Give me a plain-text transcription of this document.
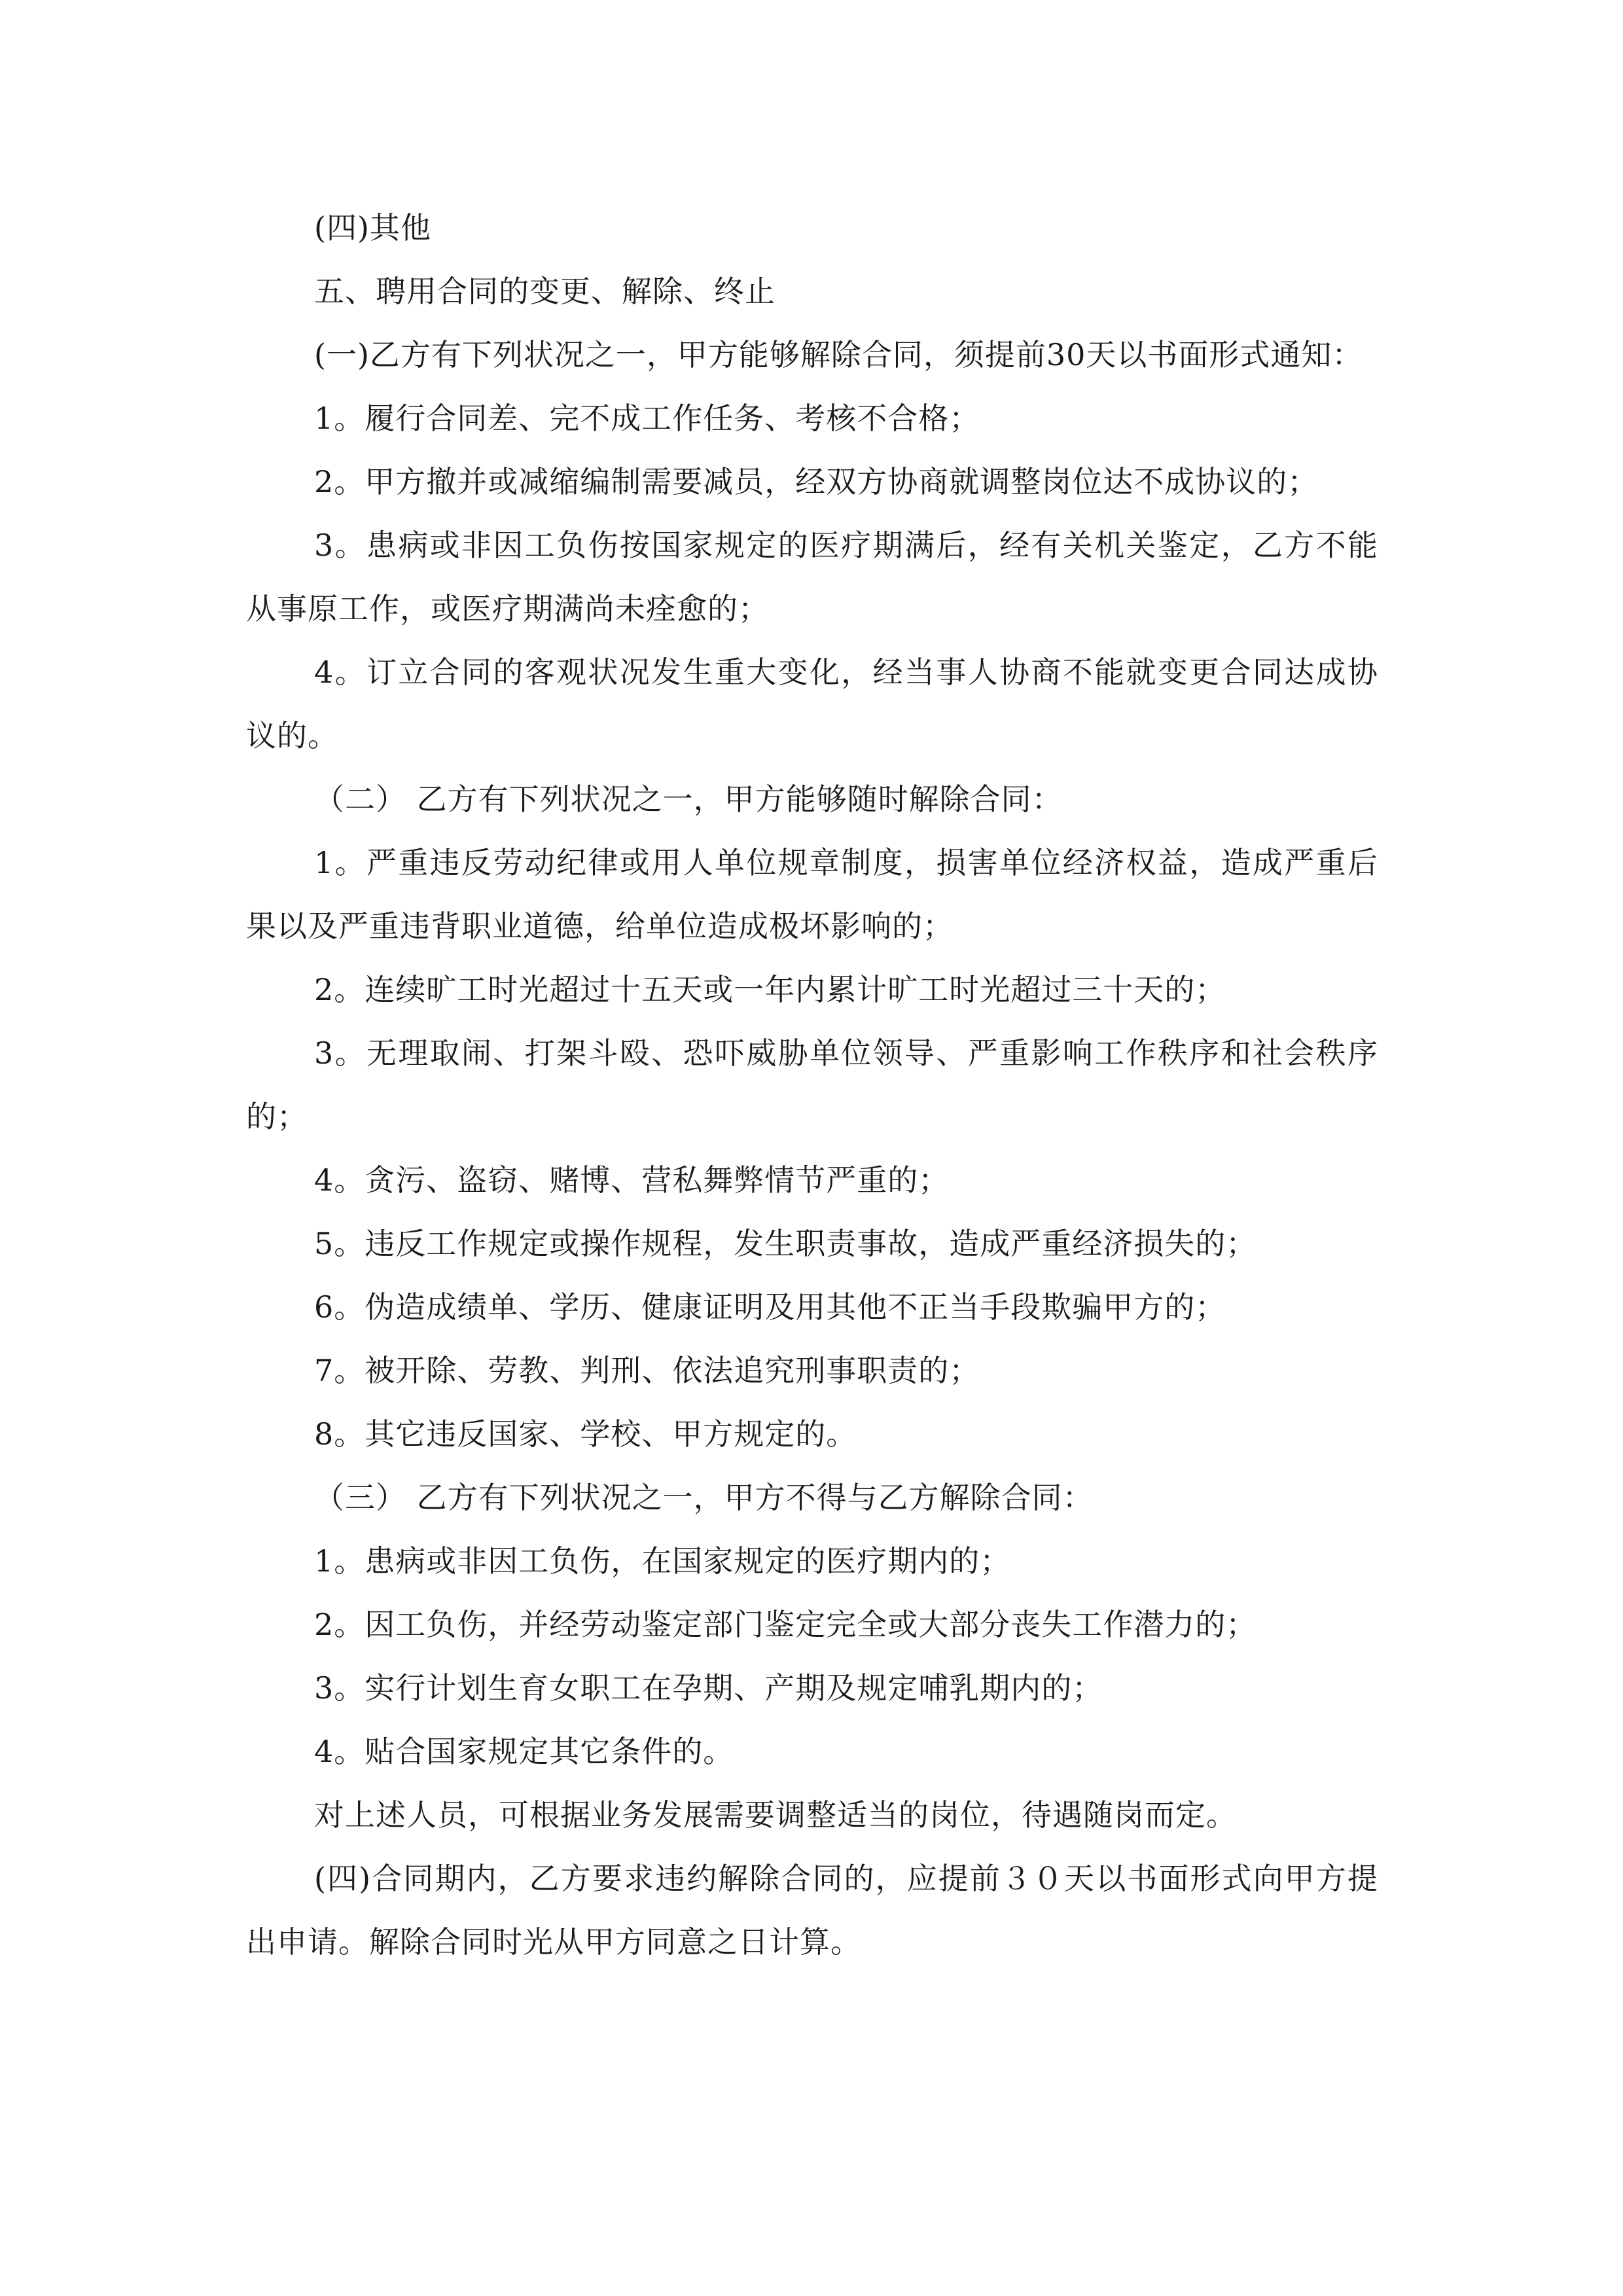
(四)其他

五、聘用合同的变更、解除、终止

(一)乙方有下列状况之一，甲方能够解除合同，须提前30天以书面形式通知：

1。履行合同差、完不成工作任务、考核不合格；

2。甲方撤并或减缩编制需要减员，经双方协商就调整岗位达不成协议的；

3。患病或非因工负伤按国家规定的医疗期满后，经有关机关鉴定，乙方不能从事原工作，或医疗期满尚未痊愈的；

4。订立合同的客观状况发生重大变化，经当事人协商不能就变更合同达成协议的。

（二） 乙方有下列状况之一，甲方能够随时解除合同：

1。严重违反劳动纪律或用人单位规章制度，损害单位经济权益，造成严重后果以及严重违背职业道德，给单位造成极坏影响的；

2。连续旷工时光超过十五天或一年内累计旷工时光超过三十天的；

3。无理取闹、打架斗殴、恐吓威胁单位领导、严重影响工作秩序和社会秩序的；

4。贪污、盗窃、赌博、营私舞弊情节严重的；

5。违反工作规定或操作规程，发生职责事故，造成严重经济损失的；

6。伪造成绩单、学历、健康证明及用其他不正当手段欺骗甲方的；

7。被开除、劳教、判刑、依法追究刑事职责的；

8。其它违反国家、学校、甲方规定的。

（三） 乙方有下列状况之一，甲方不得与乙方解除合同：

1。患病或非因工负伤，在国家规定的医疗期内的；

2。因工负伤，并经劳动鉴定部门鉴定完全或大部分丧失工作潜力的；

3。实行计划生育女职工在孕期、产期及规定哺乳期内的；

4。贴合国家规定其它条件的。

对上述人员，可根据业务发展需要调整适当的岗位，待遇随岗而定。

(四)合同期内，乙方要求违约解除合同的，应提前３０天以书面形式向甲方提出申请。解除合同时光从甲方同意之日计算。
